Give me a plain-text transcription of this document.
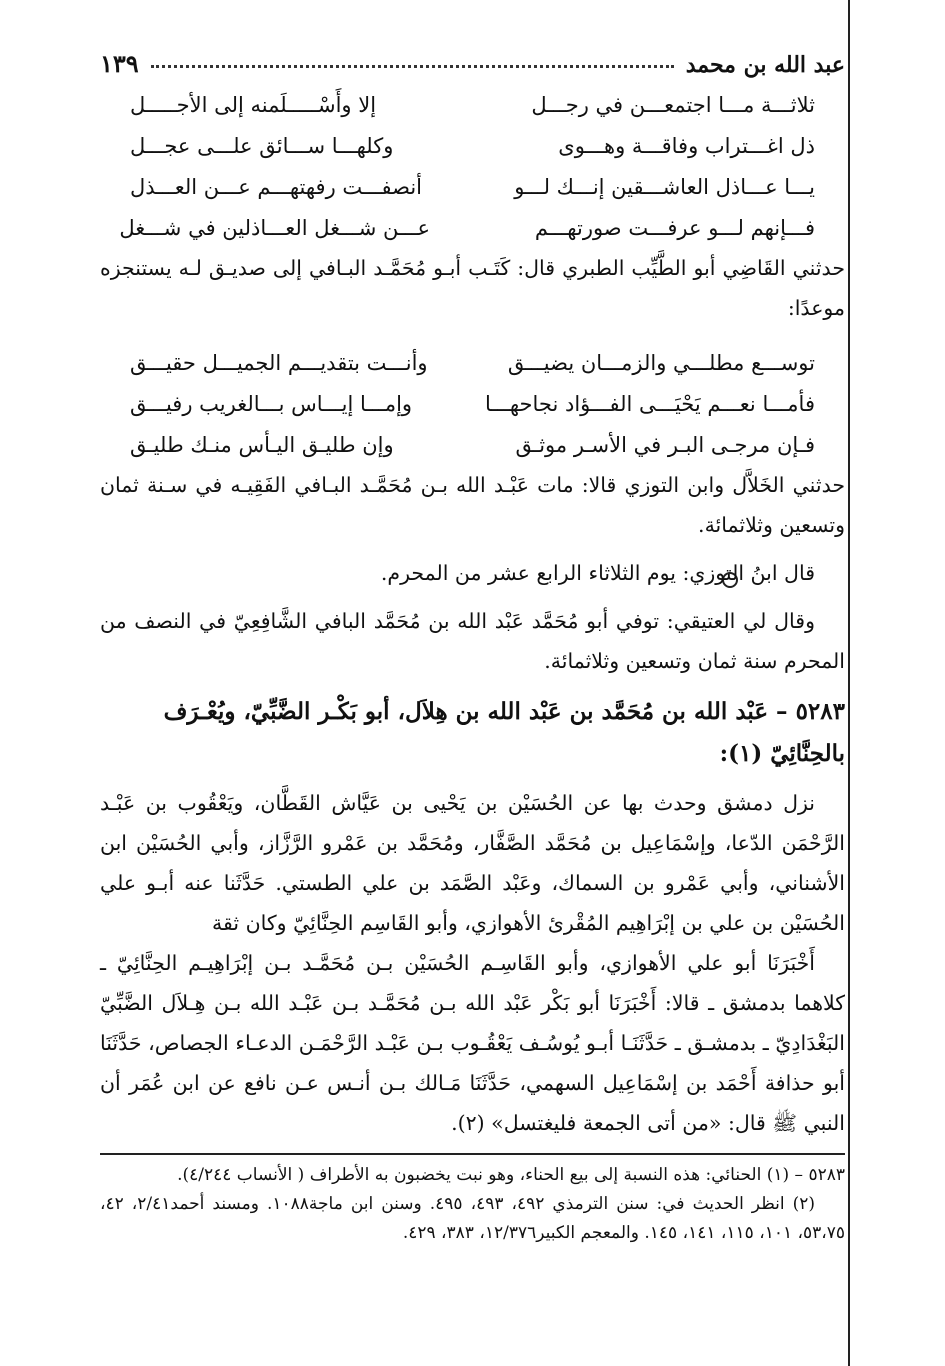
عبد الله بن محمد
١٣٩
ثلاثـــة مـــا اجتمعـــن في رجـــل
إلا وأَسْـــــلَمنه إلى الأجـــــل
ذل اغـــتراب وفاقـــة وهـــوى
وكلهـــا ســـائق علـــى عجـــل
يـــا عـــاذل العاشـــقين إنـــك لـــو
أنصفـــت رفهتهـــم عـــن العـــذل
فـــإنهم لـــو عرفـــت صورتهـــم
عـــن شـــغل العـــاذلين في شـــغل

حدثني القَاضِي أبو الطَّيِّب الطبري قال: كَتَـب أبـو مُحَمَّـد البـافي إلى صديـق لـه يستنجزه موعدًا:

توســـع مطلـــي والزمـــان يضيـــق
وأنـــت بتقديـــم الجميـــل حقيـــق
فأمـــا نعـــم يَحْيَـــى الفـــؤاد نجاحهـــا
وإمـــا إيـــاس بـــالغريب رفيـــق
فـإن مرجـى البـر في الأسـر موثـق
وإن طليـق اليـأس منـك طليـق

حدثني الخَلاَّل وابن التوزي قالا: مات عَبْـد الله بـن مُحَمَّـد البـافي الفَقِيـه في سـنة ثمان وتسعين وثلاثمائة.

قال ابنُ التوزي: يوم الثلاثاء الرابع عشر من المحرم.

وقال لي العتيقي: توفي أبو مُحَمَّد عَبْد الله بن مُحَمَّد البافي الشَّافِعِيّ في النصف من المحرم سنة ثمان وتسعين وثلاثمائة.

٥٢٨٣ – عَبْد الله بن مُحَمَّد بن عَبْد الله بن هِلاَل، أبو بَكْـر الضَّبِّيّ، ويُعْـرَف بالحِنَّائِيّ (١):

نزل دمشق وحدث بها عن الحُسَيْن بن يَحْيى بن عَيَّاش القَطَّان، ويَعْقُوب بن عَبْـد الرَّحْمَن الدّعا، وإسْمَاعِيل بن مُحَمَّد الصَّفَّار، ومُحَمَّد بن عَمْرو الرَّزَّاز، وأبي الحُسَيْن ابن الأشناني، وأبي عَمْرو بن السماك، وعَبْد الصَّمَد بن علي الطستي. حَدَّثَنا عنه أبـو علي الحُسَيْن بن علي بن إبْرَاهِيم المُقْرئ الأهوازي، وأبو القَاسِم الحِنَّائِيّ وكان ثقة

أَخْبَرَنَا أبو علي الأهوازي، وأبو القَاسِـم الحُسَيْن بـن مُحَمَّـد بـن إبْرَاهِيـم الحِنَّائِيّ ـ كلاهما بدمشق ـ قالا: أَخْبَرَنَا أبو بَكْر عَبْد الله بـن مُحَمَّـد بـن عَبْـد الله بـن هِـلاَل الضَّبِّيّ البَغْدَادِيّ ـ بدمشـق ـ حَدَّثَنَـا أبـو يُوسُـف يَعْقُـوب بـن عَبْـد الرَّحْمَـن الدعـاء الجصاص، حَدَّثَنَا أبو حذافة أَحْمَد بن إسْمَاعِيل السهمي، حَدَّثَنَا مَـالك بـن أنـس عـن نافع عن ابن عُمَر أن النبي ﷺ قال: «من أتى الجمعة فليغتسل» (٢).

٥٢٨٣ – (١) الحنائي: هذه النسبة إلى بيع الحناء، وهو نبت يخضبون به الأطراف ( الأنساب ٤/٢٤٤).

(٢) انظر الحديث في: سنن الترمذي ٤٩٢، ٤٩٣، ٤٩٥. وسنن ابن ماجة١٠٨٨. ومسند أحمد٢/٤١، ٤٢، ٥٣،٧٥، ١٠١، ١١٥، ١٤١، ١٤٥. والمعجم الكبير١٢/٣٧٦، ٣٨٣، ٤٢٩.
